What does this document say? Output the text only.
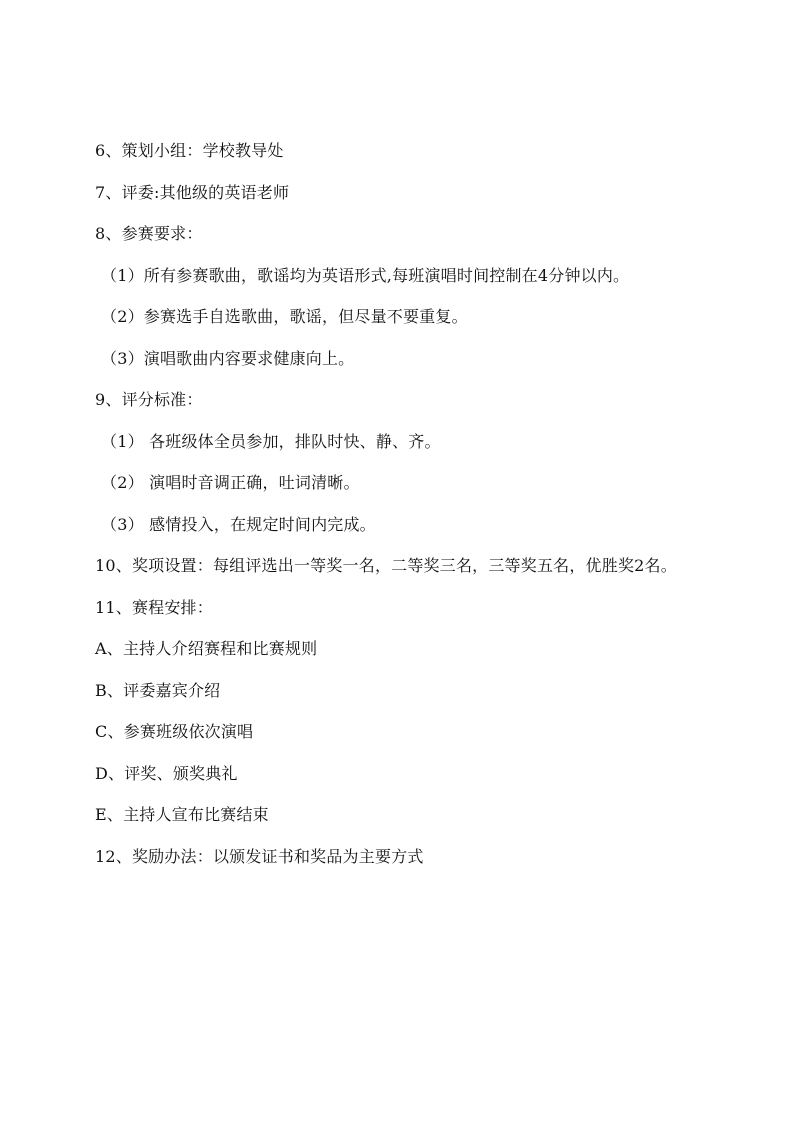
6、策划小组：学校教导处
7、评委:其他级的英语老师
8、参赛要求：
（1）所有参赛歌曲，歌谣均为英语形式,每班演唱时间控制在4分钟以内。
（2）参赛选手自选歌曲，歌谣，但尽量不要重复。
（3）演唱歌曲内容要求健康向上。
9、评分标准：
（1） 各班级体全员参加，排队时快、静、齐。
（2） 演唱时音调正确，吐词清晰。
（3） 感情投入，在规定时间内完成。
10、奖项设置：每组评选出一等奖一名，二等奖三名，三等奖五名，优胜奖2名。
11、赛程安排：
A、主持人介绍赛程和比赛规则
B、评委嘉宾介绍
C、参赛班级依次演唱
D、评奖、颁奖典礼
E、主持人宣布比赛结束
12、奖励办法：以颁发证书和奖品为主要方式
